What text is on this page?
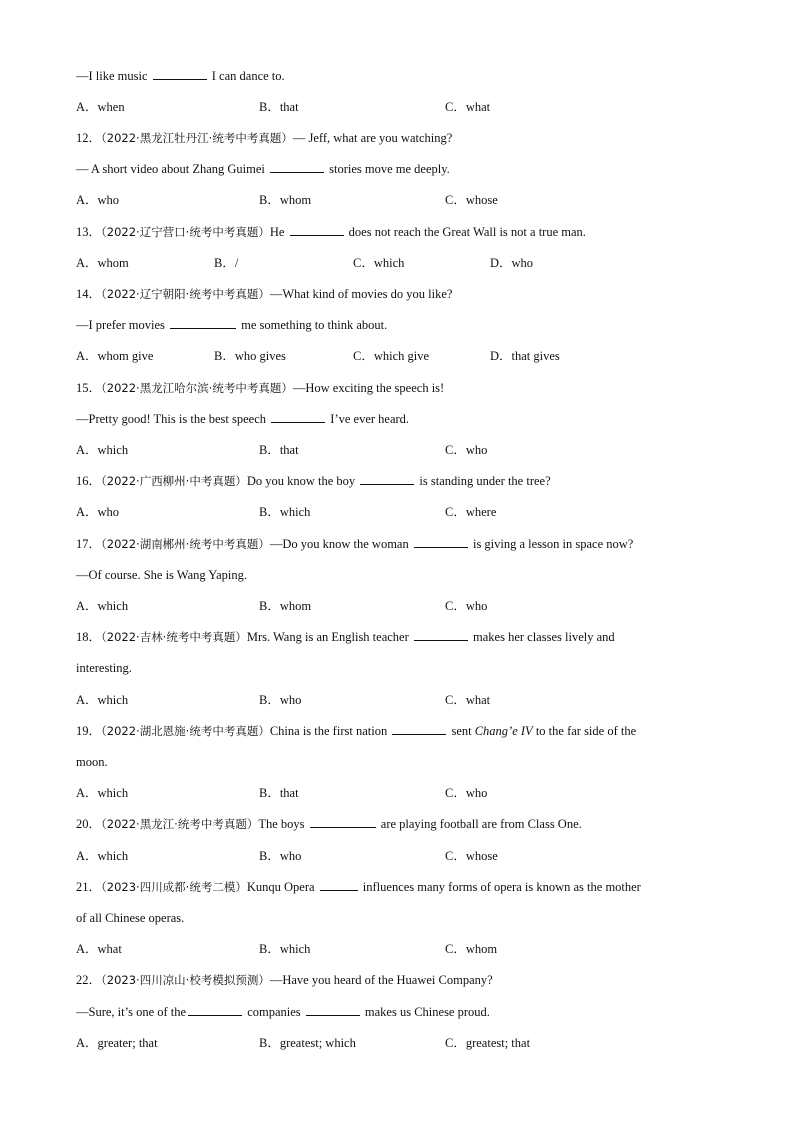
—I like music	I can dance to.
A．when	B．that	C．what
12．（2022·黑龙江牡丹江·统考中考真题）— Jeff, what are you watching?
— A short video about Zhang Guimei	stories move me deeply.
A．who	B．whom	C．whose
13．（2022·辽宁营口·统考中考真题）He	does not reach the Great Wall is not a true man.
A．whom	B．/	C．which	D．who
14．（2022·辽宁朝阳·统考中考真题）—What kind of movies do you like?
—I prefer movies	me something to think about.
A．whom give	B．who gives	C．which give	D．that gives
15．（2022·黑龙江哈尔滨·统考中考真题）—How exciting the speech is!
—Pretty good! This is the best speech	I’ve ever heard.
A．which	B．that	C．who
16．（2022·广西柳州·中考真题）Do you know the boy	is standing under the tree?
A．who	B．which	C．where
17．（2022·湖南郴州·统考中考真题）—Do you know the woman	is giving a lesson in space now?
—Of course. She is Wang Yaping.
A．which	B．whom	C．who
18．（2022·吉林·统考中考真题）Mrs. Wang is an English teacher	makes her classes lively and
interesting.
A．which	B．who	C．what
19．（2022·湖北恩施·统考中考真题）China is the first nation	sent Chang’e IV to the far side of the
moon.
A．which	B．that	C．who
20．（2022·黑龙江·统考中考真题）The boys	are playing football are from Class One.
A．which	B．who	C．whose
21．（2023·四川成都·统考二模）Kunqu Opera	influences many forms of opera is known as the mother
of all Chinese operas.
A．what	B．which	C．whom
22．（2023·四川凉山·校考模拟预测）—Have you heard of the Huawei Company?
—Sure, it’s one of the	companies	makes us Chinese proud.
A．greater; that	B．greatest; which	C．greatest; that
